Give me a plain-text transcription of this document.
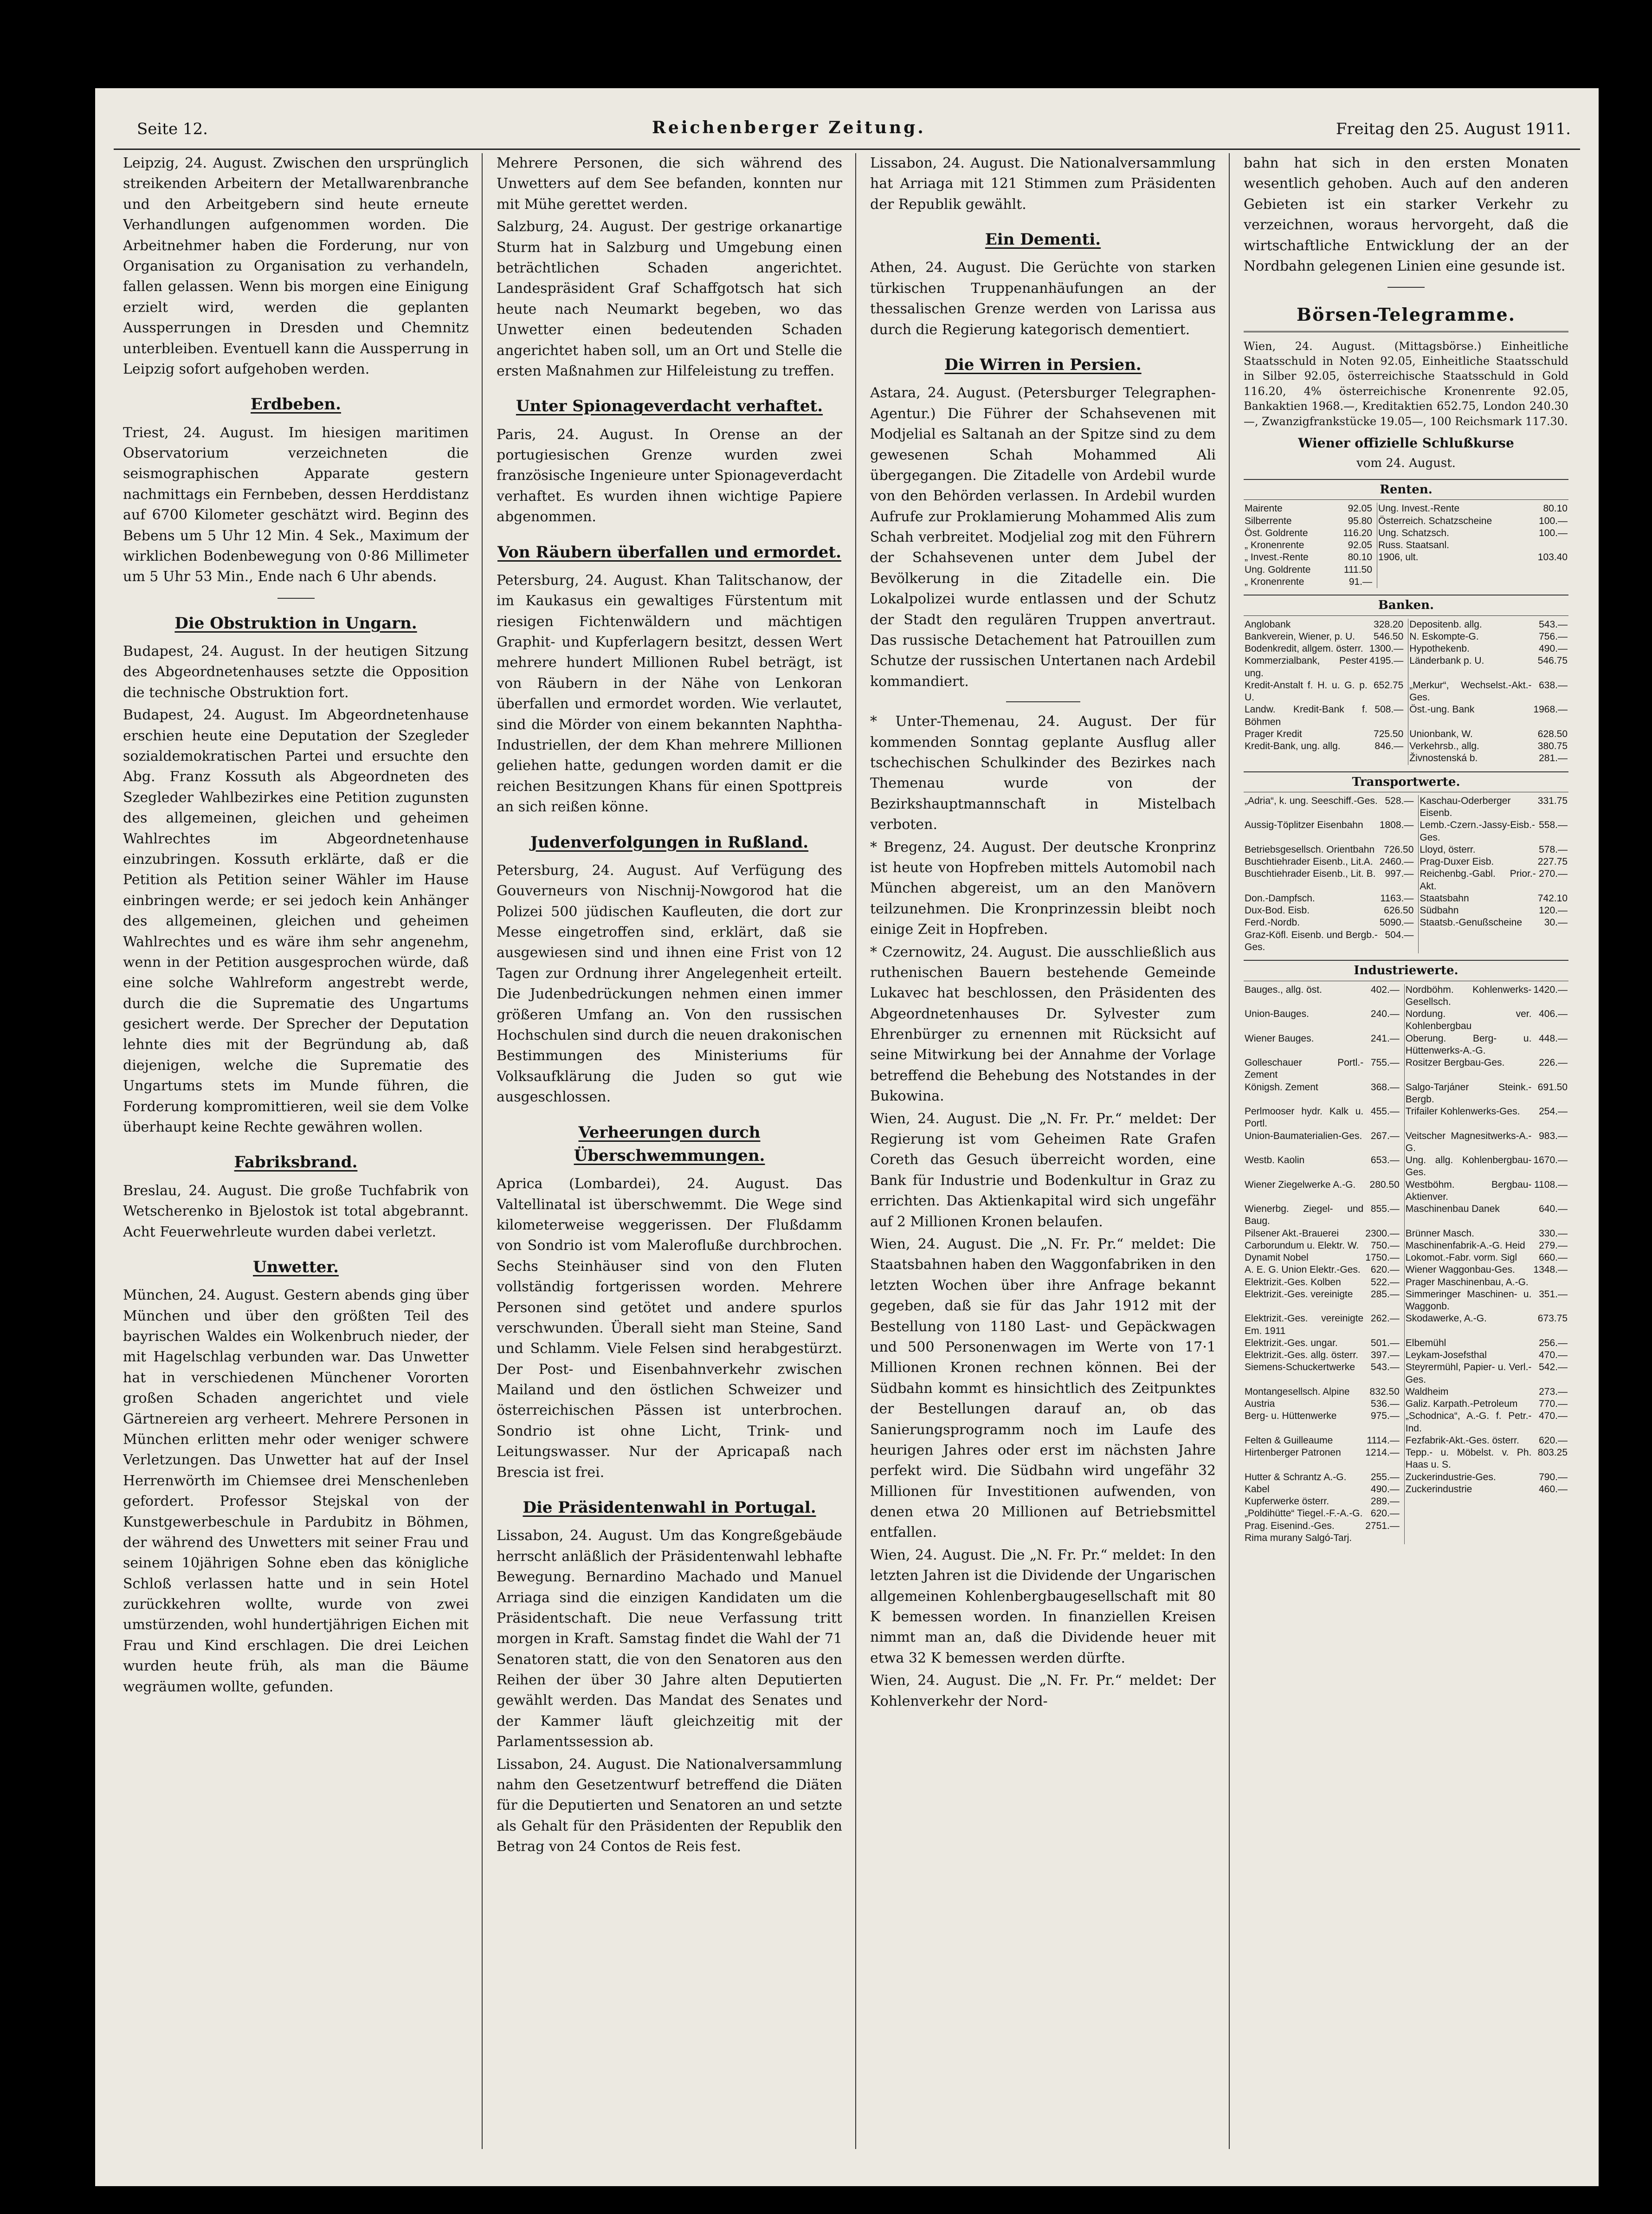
Seite 12.	Reichenberger Zeitung.	Freitag den 25. August 1911.

Leipzig, 24. August. Zwischen den ursprünglich streikenden Arbeitern der Metallwarenbranche und den Arbeitgebern sind heute erneute Verhandlungen aufgenommen worden. Die Arbeitnehmer haben die Forderung, nur von Organisation zu Organisation zu verhandeln, fallen gelassen. Wenn bis morgen eine Einigung erzielt wird, werden die geplanten Aussperrungen in Dresden und Chemnitz unterbleiben. Eventuell kann die Aussperrung in Leipzig sofort aufgehoben werden.

Erdbeben.

Triest, 24. August. Im hiesigen maritimen Observatorium verzeichneten die seismographischen Apparate gestern nachmittags ein Fernbeben, dessen Herddistanz auf 6700 Kilometer geschätzt wird. Beginn des Bebens um 5 Uhr 12 Min. 4 Sek., Maximum der wirklichen Bodenbewegung von 0·86 Millimeter um 5 Uhr 53 Min., Ende nach 6 Uhr abends.

Die Obstruktion in Ungarn.

Budapest, 24. August. In der heutigen Sitzung des Abgeordnetenhauses setzte die Opposition die technische Obstruktion fort.

Budapest, 24. August. Im Abgeordnetenhause erschien heute eine Deputation der Szegleder sozialdemokratischen Partei und ersuchte den Abg. Franz Kossuth als Abgeordneten des Szegleder Wahlbezirkes eine Petition zugunsten des allgemeinen, gleichen und geheimen Wahlrechtes im Abgeordnetenhause einzubringen. Kossuth erklärte, daß er die Petition als Petition seiner Wähler im Hause einbringen werde; er sei jedoch kein Anhänger des allgemeinen, gleichen und geheimen Wahlrechtes und es wäre ihm sehr angenehm, wenn in der Petition ausgesprochen würde, daß eine solche Wahlreform angestrebt werde, durch die die Suprematie des Ungartums gesichert werde. Der Sprecher der Deputation lehnte dies mit der Begründung ab, daß diejenigen, welche die Suprematie des Ungartums stets im Munde führen, die Forderung kompromittieren, weil sie dem Volke überhaupt keine Rechte gewähren wollen.

Fabriksbrand.

Breslau, 24. August. Die große Tuchfabrik von Wetscherenko in Bjelostok ist total abgebrannt. Acht Feuerwehrleute wurden dabei verletzt.

Unwetter.

München, 24. August. Gestern abends ging über München und über den größten Teil des bayrischen Waldes ein Wolkenbruch nieder, der mit Hagelschlag verbunden war. Das Unwetter hat in verschiedenen Münchener Vororten großen Schaden angerichtet und viele Gärtnereien arg verheert. Mehrere Personen in München erlitten mehr oder weniger schwere Verletzungen. Das Unwetter hat auf der Insel Herrenwörth im Chiemsee drei Menschenleben gefordert. Professor Stejskal von der Kunstgewerbeschule in Pardubitz in Böhmen, der während des Unwetters mit seiner Frau und seinem 10jährigen Sohne eben das königliche Schloß verlassen hatte und in sein Hotel zurückkehren wollte, wurde von zwei umstürzenden, wohl hundertjährigen Eichen mit Frau und Kind erschlagen. Die drei Leichen wurden heute früh, als man die Bäume wegräumen wollte, gefunden.

Mehrere Personen, die sich während des Unwetters auf dem See befanden, konnten nur mit Mühe gerettet werden.

Salzburg, 24. August. Der gestrige orkanartige Sturm hat in Salzburg und Umgebung einen beträchtlichen Schaden angerichtet. Landespräsident Graf Schaffgotsch hat sich heute nach Neumarkt begeben, wo das Unwetter einen bedeutenden Schaden angerichtet haben soll, um an Ort und Stelle die ersten Maßnahmen zur Hilfeleistung zu treffen.

Unter Spionageverdacht verhaftet.

Paris, 24. August. In Orense an der portugiesischen Grenze wurden zwei französische Ingenieure unter Spionageverdacht verhaftet. Es wurden ihnen wichtige Papiere abgenommen.

Von Räubern überfallen und ermordet.

Petersburg, 24. August. Khan Talitschanow, der im Kaukasus ein gewaltiges Fürstentum mit riesigen Fichtenwäldern und mächtigen Graphit- und Kupferlagern besitzt, dessen Wert mehrere hundert Millionen Rubel beträgt, ist von Räubern in der Nähe von Lenkoran überfallen und ermordet worden. Wie verlautet, sind die Mörder von einem bekannten Naphtha-Industriellen, der dem Khan mehrere Millionen geliehen hatte, gedungen worden damit er die reichen Besitzungen Khans für einen Spottpreis an sich reißen könne.

Judenverfolgungen in Rußland.

Petersburg, 24. August. Auf Verfügung des Gouverneurs von Nischnij-Nowgorod hat die Polizei 500 jüdischen Kaufleuten, die dort zur Messe eingetroffen sind, erklärt, daß sie ausgewiesen sind und ihnen eine Frist von 12 Tagen zur Ordnung ihrer Angelegenheit erteilt. Die Judenbedrückungen nehmen einen immer größeren Umfang an. Von den russischen Hochschulen sind durch die neuen drakonischen Bestimmungen des Ministeriums für Volksaufklärung die Juden so gut wie ausgeschlossen.

Verheerungen durch Überschwemmungen.

Aprica (Lombardei), 24. August. Das Valtellinatal ist überschwemmt. Die Wege sind kilometerweise weggerissen. Der Flußdamm von Sondrio ist vom Malerofluße durchbrochen. Sechs Steinhäuser sind von den Fluten vollständig fortgerissen worden. Mehrere Personen sind getötet und andere spurlos verschwunden. Überall sieht man Steine, Sand und Schlamm. Viele Felsen sind herabgestürzt. Der Post- und Eisenbahnverkehr zwischen Mailand und den östlichen Schweizer und österreichischen Pässen ist unterbrochen. Sondrio ist ohne Licht, Trink- und Leitungswasser. Nur der Apricapaß nach Brescia ist frei.

Die Präsidentenwahl in Portugal.

Lissabon, 24. August. Um das Kongreßgebäude herrscht anläßlich der Präsidentenwahl lebhafte Bewegung. Bernardino Machado und Manuel Arriaga sind die einzigen Kandidaten um die Präsidentschaft. Die neue Verfassung tritt morgen in Kraft. Samstag findet die Wahl der 71 Senatoren statt, die von den Senatoren aus den Reihen der über 30 Jahre alten Deputierten gewählt werden. Das Mandat des Senates und der Kammer läuft gleichzeitig mit der Parlamentssession ab.

Lissabon, 24. August. Die Nationalversammlung nahm den Gesetzentwurf betreffend die Diäten für die Deputierten und Senatoren an und setzte als Gehalt für den Präsidenten der Republik den Betrag von 24 Contos de Reis fest.

Lissabon, 24. August. Die Nationalversammlung hat Arriaga mit 121 Stimmen zum Präsidenten der Republik gewählt.

Ein Dementi.

Athen, 24. August. Die Gerüchte von starken türkischen Truppenanhäufungen an der thessalischen Grenze werden von Larissa aus durch die Regierung kategorisch dementiert.

Die Wirren in Persien.

Astara, 24. August. (Petersburger Telegraphen-Agentur.) Die Führer der Schahsevenen mit Modjelial es Saltanah an der Spitze sind zu dem gewesenen Schah Mohammed Ali übergegangen. Die Zitadelle von Ardebil wurde von den Behörden verlassen. In Ardebil wurden Aufrufe zur Proklamierung Mohammed Alis zum Schah verbreitet. Modjelial zog mit den Führern der Schahsevenen unter dem Jubel der Bevölkerung in die Zitadelle ein. Die Lokalpolizei wurde entlassen und der Schutz der Stadt den regulären Truppen anvertraut. Das russische Detachement hat Patrouillen zum Schutze der russischen Untertanen nach Ardebil kommandiert.

* Unter-Themenau, 24. August. Der für kommenden Sonntag geplante Ausflug aller tschechischen Schulkinder des Bezirkes nach Themenau wurde von der Bezirkshauptmannschaft in Mistelbach verboten.

* Bregenz, 24. August. Der deutsche Kronprinz ist heute von Hopfreben mittels Automobil nach München abgereist, um an den Manövern teilzunehmen. Die Kronprinzessin bleibt noch einige Zeit in Hopfreben.

* Czernowitz, 24. August. Die ausschließlich aus ruthenischen Bauern bestehende Gemeinde Lukavec hat beschlossen, den Präsidenten des Abgeordnetenhauses Dr. Sylvester zum Ehrenbürger zu ernennen mit Rücksicht auf seine Mitwirkung bei der Annahme der Vorlage betreffend die Behebung des Notstandes in der Bukowina.

Wien, 24. August. Die „N. Fr. Pr.“ meldet: Der Regierung ist vom Geheimen Rate Grafen Coreth das Gesuch überreicht worden, eine Bank für Industrie und Bodenkultur in Graz zu errichten. Das Aktienkapital wird sich ungefähr auf 2 Millionen Kronen belaufen.

Wien, 24. August. Die „N. Fr. Pr.“ meldet: Die Staatsbahnen haben den Waggonfabriken in den letzten Wochen über ihre Anfrage bekannt gegeben, daß sie für das Jahr 1912 mit der Bestellung von 1180 Last- und Gepäckwagen und 500 Personenwagen im Werte von 17·1 Millionen Kronen rechnen können. Bei der Südbahn kommt es hinsichtlich des Zeitpunktes der Bestellungen darauf an, ob das Sanierungsprogramm noch im Laufe des heurigen Jahres oder erst im nächsten Jahre perfekt wird. Die Südbahn wird ungefähr 32 Millionen für Investitionen aufwenden, von denen etwa 20 Millionen auf Betriebsmittel entfallen.

Wien, 24. August. Die „N. Fr. Pr.“ meldet: In den letzten Jahren ist die Dividende der Ungarischen allgemeinen Kohlenbergbaugesellschaft mit 80 K bemessen worden. In finanziellen Kreisen nimmt man an, daß die Dividende heuer mit etwa 32 K bemessen werden dürfte.

Wien, 24. August. Die „N. Fr. Pr.“ meldet: Der Kohlenverkehr der Nord-

bahn hat sich in den ersten Monaten wesentlich gehoben. Auch auf den anderen Gebieten ist ein starker Verkehr zu verzeichnen, woraus hervorgeht, daß die wirtschaftliche Entwicklung der an der Nordbahn gelegenen Linien eine gesunde ist.

Börsen-Telegramme.

Wien, 24. August. (Mittagsbörse.) Einheitliche Staatsschuld in Noten 92.05, Einheitliche Staatsschuld in Silber 92.05, österreichische Staatsschuld in Gold 116.20, 4% österreichische Kronenrente 92.05, Bankaktien 1968.—, Kreditaktien 652.75, London 240.30—, Zwanzigfrankstücke 19.05—, 100 Reichsmark 117.30.

Wiener offizielle Schlußkurse
vom 24. August.
Renten.
Mairente	92.05	Ung. Invest.-Rente	80.10
Silberrente	95.80	Österreich. Schatzscheine	100.—
Öst. Goldrente	116.20	Ung. Schatzsch.	100.—
„ Kronenrente	92.05	Russ. Staatsanl.	
„ Invest.-Rente	80.10	1906, ult.	103.40
Ung. Goldrente	111.50		
„ Kronenrente	91.—		
Banken.
Anglobank	328.20	Depositenb. allg.	543.—
Bankverein, Wiener, p. U.	546.50	N. Eskompte-G.	756.—
Bodenkredit, allgem. österr.	1300.—	Hypothekenb.	490.—
Kommerzialbank, Pester ung.	4195.—	Länderbank p. U.	546.75
Kredit-Anstalt f. H. u. G. p. U.	652.75	„Merkur“, Wechselst.-Akt.-Ges.	638.—
Landw. Kredit-Bank f. Böhmen	508.—	Öst.-ung. Bank	1968.—
Prager Kredit	725.50	Unionbank, W.	628.50
Kredit-Bank, ung. allg.	846.—	Verkehrsb., allg.	380.75
		Živnostenská b.	281.—
Transportwerte.
„Adria“, k. ung. Seeschiff.-Ges.	528.—	Kaschau-Oderberger Eisenb.	331.75
Aussig-Töplitzer Eisenbahn	1808.—	Lemb.-Czern.-Jassy-Eisb.-Ges.	558.—
Betriebsgesellsch. Orientbahn	726.50	Lloyd, österr.	578.—
Buschtiehrader Eisenb., Lit.A.	2460.—	Prag-Duxer Eisb.	227.75
Buschtiehrader Eisenb., Lit. B.	997.—	Reichenbg.-Gabl. Prior.-Akt.	270.—
Don.-Dampfsch.	1163.—	Staatsbahn	742.10
Dux-Bod. Eisb.	626.50	Südbahn	120.—
Ferd.-Nordb.	5090.—	Staatsb.-Genußscheine	30.—
Graz-Köfl. Eisenb. und Bergb.-Ges.	504.—		
Industriewerte.
Bauges., allg. öst.	402.—	Nordböhm. Kohlenwerks-Gesellsch.	1420.—
Union-Bauges.	240.—	Nordung. ver. Kohlenbergbau	406.—
Wiener Bauges.	241.—	Oberung. Berg- u. Hüttenwerks-A.-G.	448.—
Golleschauer Portl.-Zement	755.—	Rositzer Bergbau-Ges.	226.—
Königsh. Zement	368.—	Salgo-Tarjáner Steink.-Bergb.	691.50
Perlmooser hydr. Kalk u. Portl.	455.—	Trifailer Kohlenwerks-Ges.	254.—
Union-Baumaterialien-Ges.	267.—	Veitscher Magnesitwerks-A.-G.	983.—
Westb. Kaolin	653.—	Ung. allg. Kohlenbergbau-Ges.	1670.—
Wiener Ziegelwerke A.-G.	280.50	Westböhm. Bergbau-Aktienver.	1108.—
Wienerbg. Ziegel- und Baug.	855.—	Maschinenbau Danek	640.—
Pilsener Akt.-Brauerei	2300.—	Brünner Masch.	330.—
Carborundum u. Elektr. W.	750.—	Maschinenfabrik-A.-G. Heid	279.—
Dynamit Nobel	1750.—	Lokomot.-Fabr. vorm. Sigl	660.—
A. E. G. Union Elektr.-Ges.	620.—	Wiener Waggonbau-Ges.	1348.—
Elektrizit.-Ges. Kolben	522.—	Prager Maschinenbau, A.-G.	
Elektrizit.-Ges. vereinigte	285.—	Simmeringer Maschinen- u. Waggonb.	351.—
Elektrizit.-Ges. vereinigte Em. 1911	262.—	Skodawerke, A.-G.	673.75
Elektrizit.-Ges. ungar.	501.—	Elbemühl	256.—
Elektrizit.-Ges. allg. österr.	397.—	Leykam-Josefsthal	470.—
Siemens-Schuckertwerke	543.—	Steyrermühl, Papier- u. Verl.-Ges.	542.—
Montangesellsch. Alpine	832.50	Waldheim	273.—
Austria	536.—	Galiz. Karpath.-Petroleum	770.—
Berg- u. Hüttenwerke	975.—	„Schodnica“, A.-G. f. Petr.-Ind.	470.—
Felten & Guilleaume	1114.—	Fezfabrik-Akt.-Ges. österr.	620.—
Hirtenberger Patronen	1214.—	Tepp.- u. Möbelst. v. Ph. Haas u. S.	803.25
Hutter & Schrantz A.-G.	255.—	Zuckerindustrie-Ges.	790.—
Kabel	490.—	Zuckerindustrie	460.—
Kupferwerke österr.	289.—		
„Poldihütte“ Tiegel.-F.-A.-G.	620.—		
Prag. Eisenind.-Ges.	2751.—		
Rima murany Salgó-Tarj.			
